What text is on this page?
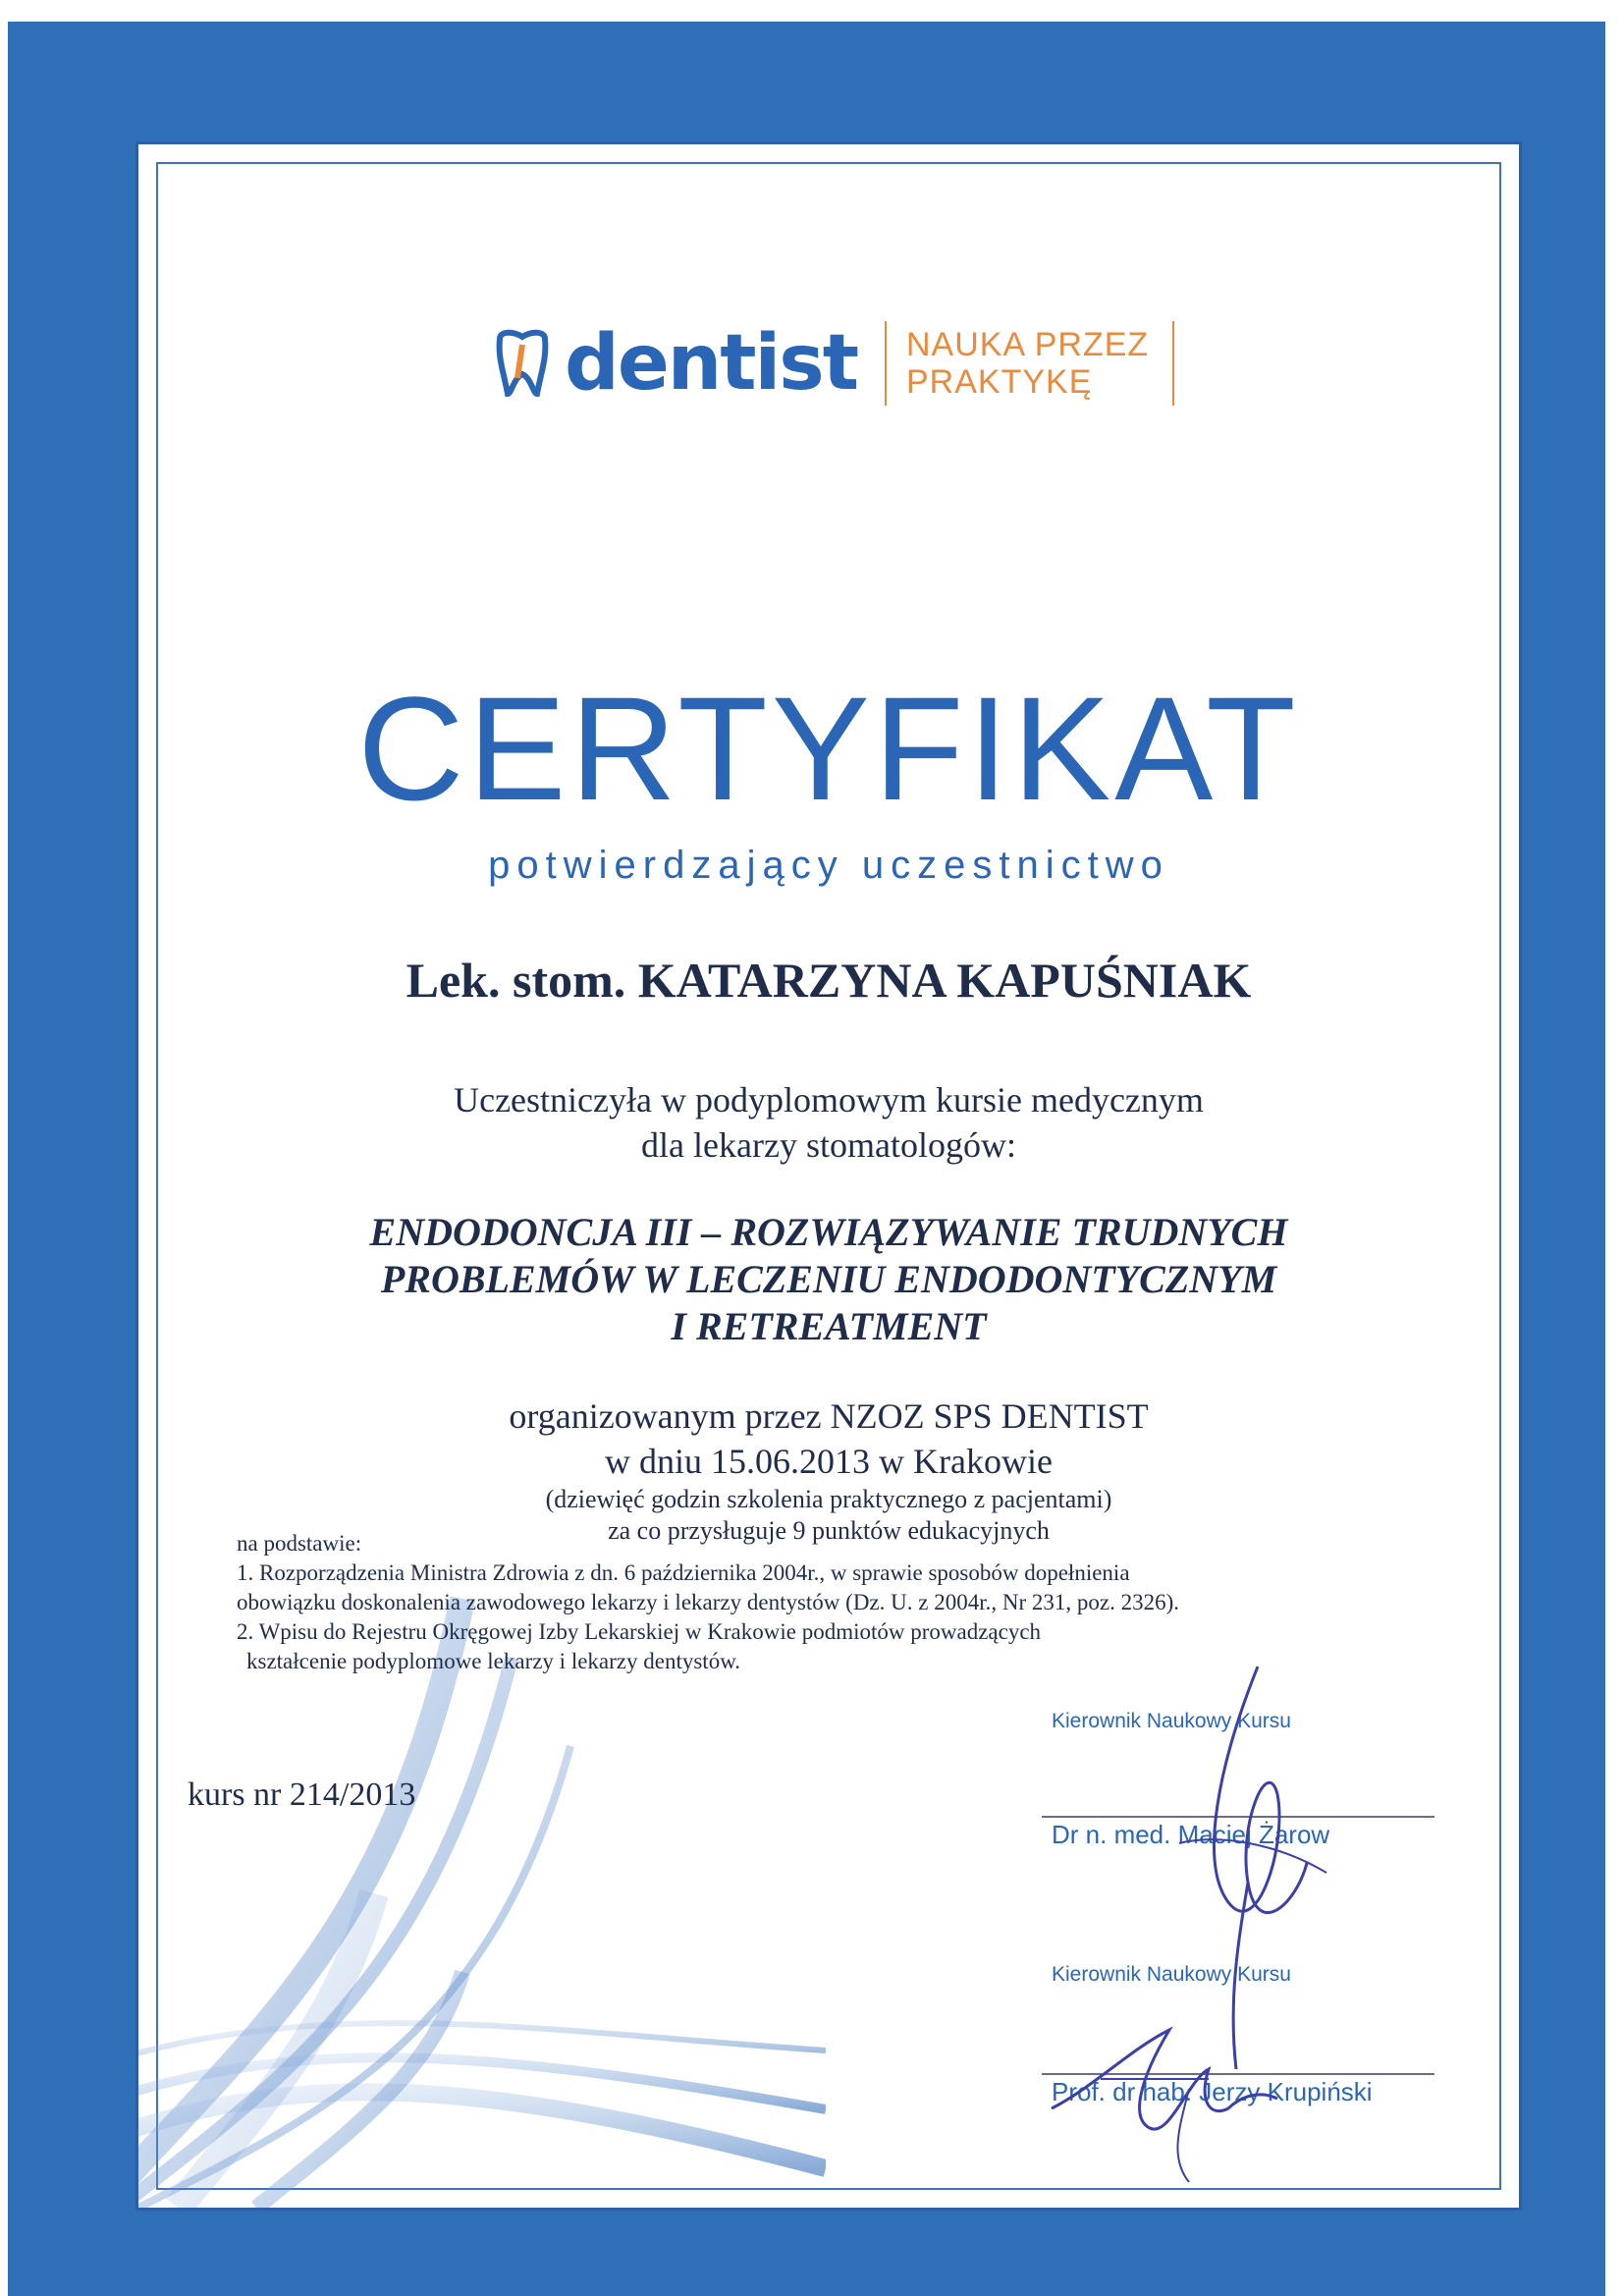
dentist NAUKA PRZEZ
PRAKTYKĘ
CERTYFIKAT
potwierdzający uczestnictwo
Lek. stom. KATARZYNA KAPUŚNIAK
Uczestniczyła w podyplomowym kursie medycznym
dla lekarzy stomatologów:
ENDODONCJA III – ROZWIĄZYWANIE TRUDNYCH
PROBLEMÓW W LECZENIU ENDODONTYCZNYM
I RETREATMENT
organizowanym przez NZOZ SPS DENTIST
w dniu 15.06.2013 w Krakowie
(dziewięć godzin szkolenia praktycznego z pacjentami)
za co przysługuje 9 punktów edukacyjnych
na podstawie:
1. Rozporządzenia Ministra Zdrowia z dn. 6 października 2004r., w sprawie sposobów dopełnienia
obowiązku doskonalenia zawodowego lekarzy i lekarzy dentystów (Dz. U. z 2004r., Nr 231, poz. 2326).
2. Wpisu do Rejestru Okręgowej Izby Lekarskiej w Krakowie podmiotów prowadzących
kształcenie podyplomowe lekarzy i lekarzy dentystów.
kurs nr 214/2013
Kierownik Naukowy Kursu
Dr n. med. Maciej Żarow
Kierownik Naukowy Kursu
Prof. dr hab. Jerzy Krupiński
